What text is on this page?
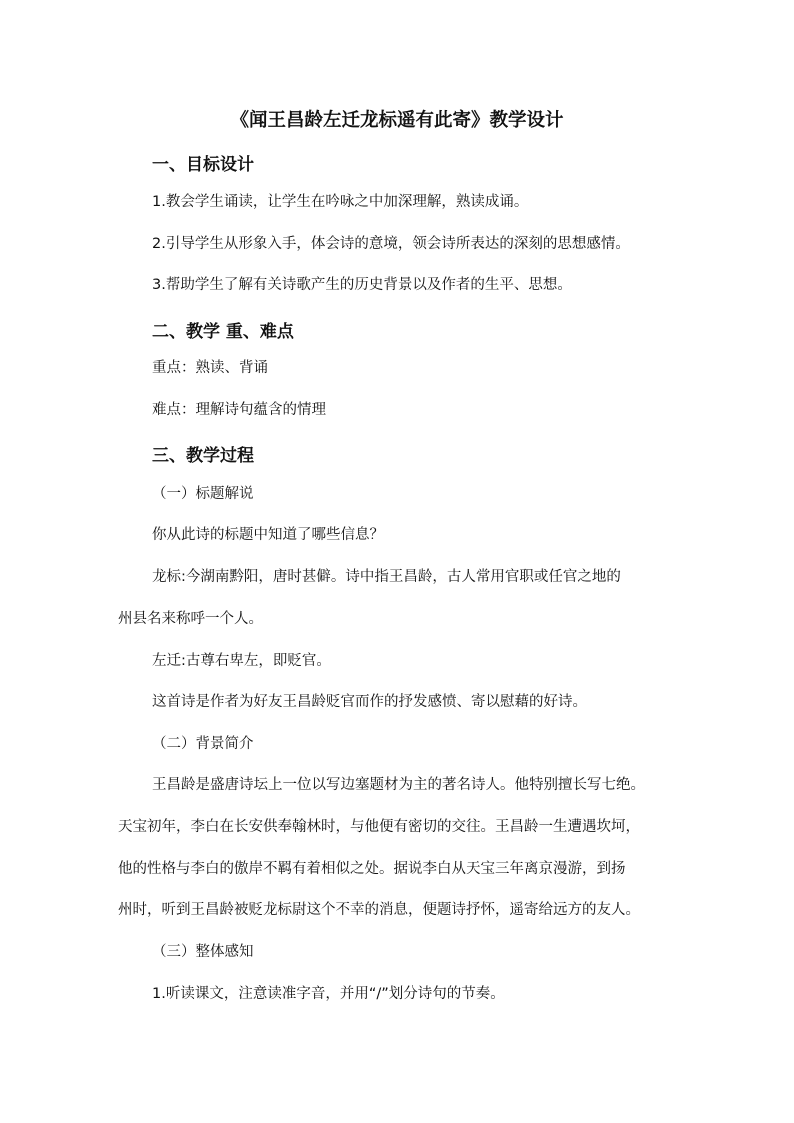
《闻王昌龄左迁龙标遥有此寄》教学设计
一、目标设计
1.教会学生诵读，让学生在吟咏之中加深理解，熟读成诵。
2.引导学生从形象入手，体会诗的意境，领会诗所表达的深刻的思想感情。
3.帮助学生了解有关诗歌产生的历史背景以及作者的生平、思想。
二、教学 重、难点
重点：熟读、背诵
难点：理解诗句蕴含的情理
三、教学过程
（一）标题解说
你从此诗的标题中知道了哪些信息？
龙标:今湖南黔阳，唐时甚僻。诗中指王昌龄，古人常用官职或任官之地的
州县名来称呼一个人。
左迁:古尊右卑左，即贬官。
这首诗是作者为好友王昌龄贬官而作的抒发感愤、寄以慰藉的好诗。
（二）背景简介
王昌龄是盛唐诗坛上一位以写边塞题材为主的著名诗人。他特别擅长写七绝。
天宝初年，李白在长安供奉翰林时，与他便有密切的交往。王昌龄一生遭遇坎坷，
他的性格与李白的傲岸不羁有着相似之处。据说李白从天宝三年离京漫游，到扬
州时，听到王昌龄被贬龙标尉这个不幸的消息，便题诗抒怀，遥寄给远方的友人。
（三）整体感知
1.听读课文，注意读准字音，并用“/”划分诗句的节奏。
